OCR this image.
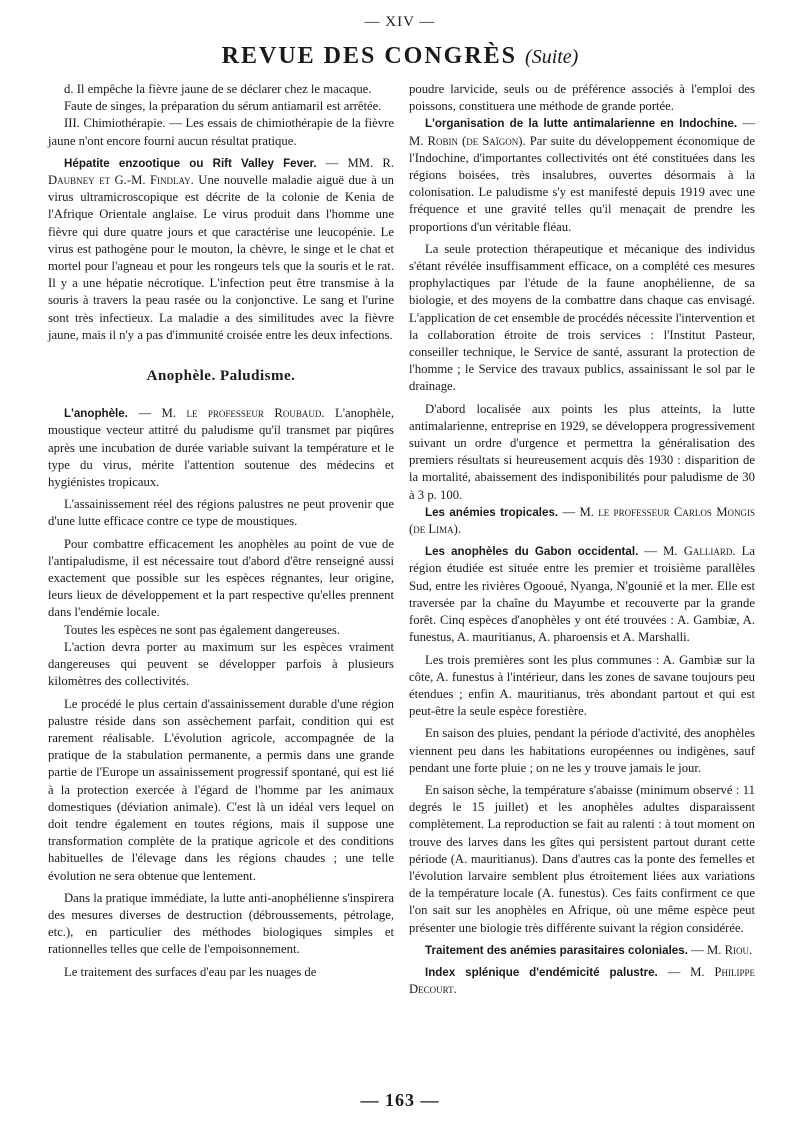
— XIV —
REVUE DES CONGRÈS (Suite)

d. Il empêche la fièvre jaune de se déclarer chez le macaque.

Faute de singes, la préparation du sérum antiamaril est arrêtée.

III. Chimiothérapie. — Les essais de chimiothérapie de la fièvre jaune n'ont encore fourni aucun résultat pratique.

Hépatite enzootique ou Rift Valley Fever. — MM. R. Daubney et G.-M. Findlay. Une nouvelle maladie aiguë due à un virus ultramicroscopique est décrite de la colonie de Kenia de l'Afrique Orientale anglaise. Le virus produit dans l'homme une fièvre qui dure quatre jours et que caractérise une leucopénie. Le virus est pathogène pour le mouton, la chèvre, le singe et le chat et mortel pour l'agneau et pour les rongeurs tels que la souris et le rat. Il y a une hépatie nécrotique. L'infection peut être transmise à la souris à travers la peau rasée ou la conjonctive. Le sang et l'urine sont très infectieux. La maladie a des similitudes avec la fièvre jaune, mais il n'y a pas d'immunité croisée entre les deux infections.

Anophèle. Paludisme.

L'anophèle. — M. le professeur Roubaud. L'anophèle, moustique vecteur attitré du paludisme qu'il transmet par piqûres après une incubation de durée variable suivant la température et le type du virus, mérite l'attention soutenue des médecins et hygiénistes tropicaux.

L'assainissement réel des régions palustres ne peut provenir que d'une lutte efficace contre ce type de moustiques.

Pour combattre efficacement les anophèles au point de vue de l'antipaludisme, il est nécessaire tout d'abord d'être renseigné aussi exactement que possible sur les espèces régnantes, leur origine, leurs lieux de développement et la part respective qu'elles prennent dans l'endémie locale.

Toutes les espèces ne sont pas également dangereuses.

L'action devra porter au maximum sur les espèces vraiment dangereuses qui peuvent se développer parfois à plusieurs kilomètres des collectivités.

Le procédé le plus certain d'assainissement durable d'une région palustre réside dans son assèchement parfait, condition qui est rarement réalisable. L'évolution agricole, accompagnée de la pratique de la stabulation permanente, a permis dans une grande partie de l'Europe un assainissement progressif spontané, qui est lié à la protection exercée à l'égard de l'homme par les animaux domestiques (déviation animale). C'est là un idéal vers lequel on doit tendre également en toutes régions, mais il suppose une transformation complète de la pratique agricole et des conditions habituelles de l'élevage dans les régions chaudes ; une telle évolution ne sera obtenue que lentement.

Dans la pratique immédiate, la lutte anti-anophélienne s'inspirera des mesures diverses de destruction (débroussements, pétrolage, etc.), en particulier des méthodes biologiques simples et rationnelles telles que celle de l'empoisonnement.

Le traitement des surfaces d'eau par les nuages de

poudre larvicide, seuls ou de préférence associés à l'emploi des poissons, constituera une méthode de grande portée.

L'organisation de la lutte antimalarienne en Indochine. — M. Robin (de Saïgon). Par suite du développement économique de l'Indochine, d'importantes collectivités ont été constituées dans les régions boisées, très insalubres, ouvertes désormais à la colonisation. Le paludisme s'y est manifesté depuis 1919 avec une fréquence et une gravité telles qu'il menaçait de prendre les proportions d'un véritable fléau.

La seule protection thérapeutique et mécanique des individus s'étant révélée insuffisamment efficace, on a complété ces mesures prophylactiques par l'étude de la faune anophélienne, de sa biologie, et des moyens de la combattre dans chaque cas envisagé. L'application de cet ensemble de procédés nécessite l'intervention et la collaboration étroite de trois services : l'Institut Pasteur, conseiller technique, le Service de santé, assurant la protection de l'homme ; le Service des travaux publics, assainissant le sol par le drainage.

D'abord localisée aux points les plus atteints, la lutte antimalarienne, entreprise en 1929, se développera progressivement suivant un ordre d'urgence et permettra la généralisation des premiers résultats si heureusement acquis dès 1930 : disparition de la mortalité, abaissement des indisponibilités pour paludisme de 30 à 3 p. 100.

Les anémies tropicales. — M. le professeur Carlos Mongis (de Lima).

Les anophèles du Gabon occidental. — M. Galliard. La région étudiée est située entre les premier et troisième parallèles Sud, entre les rivières Ogooué, Nyanga, N'gounié et la mer. Elle est traversée par la chaîne du Mayumbe et recouverte par la grande forêt. Cinq espèces d'anophèles y ont été trouvées : A. Gambiæ, A. funestus, A. mauritianus, A. pharoensis et A. Marshalli.

Les trois premières sont les plus communes : A. Gambiæ sur la côte, A. funestus à l'intérieur, dans les zones de savane toujours peu étendues ; enfin A. mauritianus, très abondant partout et qui est peut-être la seule espèce forestière.

En saison des pluies, pendant la période d'activité, des anophèles viennent peu dans les habitations européennes ou indigènes, sauf pendant une forte pluie ; on ne les y trouve jamais le jour.

En saison sèche, la température s'abaisse (minimum observé : 11 degrés le 15 juillet) et les anophèles adultes disparaissent complètement. La reproduction se fait au ralenti : à tout moment on trouve des larves dans les gîtes qui persistent partout durant cette période (A. mauritianus). Dans d'autres cas la ponte des femelles et l'évolution larvaire semblent plus étroitement liées aux variations de la température locale (A. funestus). Ces faits confirment ce que l'on sait sur les anophèles en Afrique, où une même espèce peut présenter une biologie très différente suivant la région considérée.

Traitement des anémies parasitaires coloniales. — M. Riou.

Index splénique d'endémicité palustre. — M. Philippe Decourt.

— 163 —
